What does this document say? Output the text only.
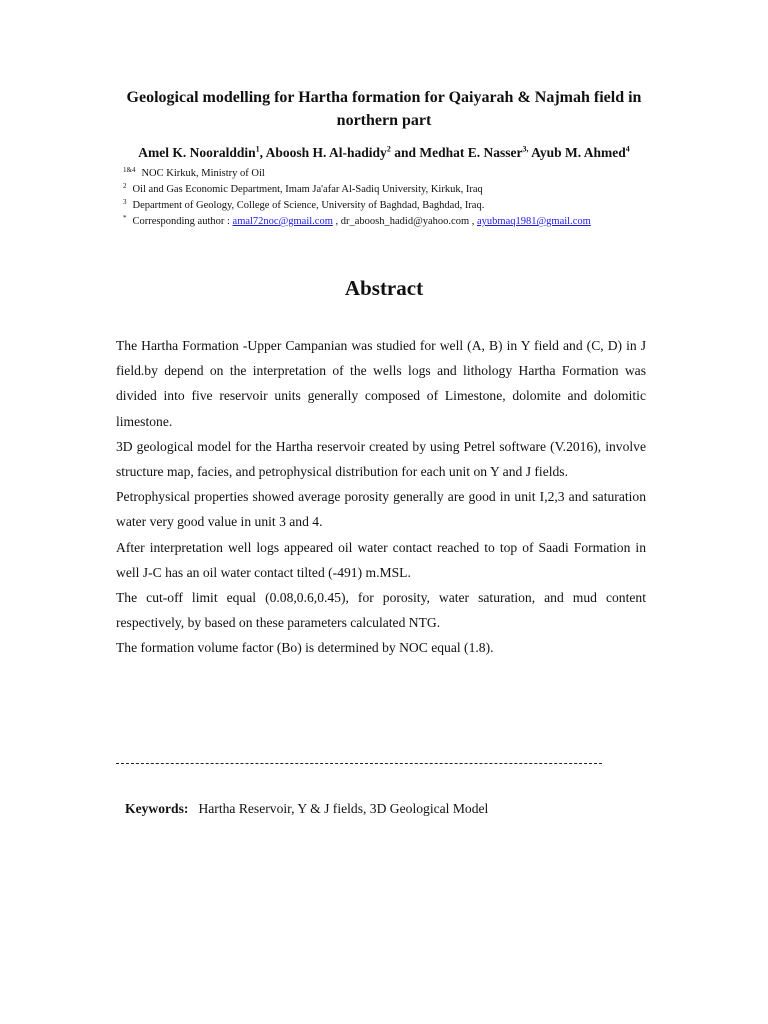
Geological modelling for Hartha formation for Qaiyarah & Najmah field in northern part
Amel K. Nooralddin$^1$, Aboosh H. Al-hadidy$^2$ and Medhat E. Nasser$^{3,}$ Ayub M. Ahmed$^4$
$^{1\&4}$ NOC Kirkuk, Ministry of Oil
$^2$ Oil and Gas Economic Department, Imam Ja'afar Al-Sadiq University, Kirkuk, Iraq
$^3$ Department of Geology, College of Science, University of Baghdad, Baghdad, Iraq.
* Corresponding author : amal72noc@gmail.com , dr_aboosh_hadid@yahoo.com , ayubmaq1981@gmail.com
Abstract

The Hartha Formation -Upper Campanian was studied for well (A, B) in Y field and (C, D) in J field.by depend on the interpretation of the wells logs and lithology Hartha Formation was divided into five reservoir units generally composed of Limestone, dolomite and dolomitic limestone.

3D geological model for the Hartha reservoir created by using Petrel software (V.2016), involve structure map, facies, and petrophysical distribution for each unit on Y and J fields.

Petrophysical properties showed average porosity generally are good in unit I,2,3 and saturation water very good value in unit 3 and 4.

After interpretation well logs appeared oil water contact reached to top of Saadi Formation in well J-C has an oil water contact tilted (-491) m.MSL.

The cut-off limit equal (0.08,0.6,0.45), for porosity, water saturation, and mud content respectively, by based on these parameters calculated NTG.

The formation volume factor (Bo) is determined by NOC equal (1.8).

Keywords: Hartha Reservoir, Y & J fields, 3D Geological Model
